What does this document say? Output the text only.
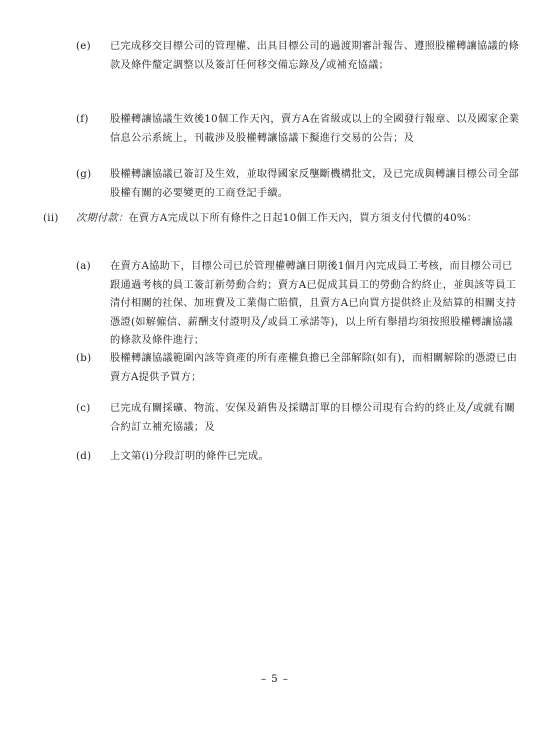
(e) 已完成移交目標公司的管理權、出具目標公司的過渡期審計報告、遵照股權轉讓協議的條款及條件釐定調整以及簽訂任何移交備忘錄及╱或補充協議；
(f) 股權轉讓協議生效後10個工作天內，賣方A在省級或以上的全國發行報章、以及國家企業信息公示系統上，刊載涉及股權轉讓協議下擬進行交易的公告；及
(g) 股權轉讓協議已簽訂及生效，並取得國家反壟斷機構批文，及已完成與轉讓目標公司全部股權有關的必要變更的工商登記手續。
(ii) 次期付款：在賣方A完成以下所有條件之日起10個工作天內，買方須支付代價的40%：
(a) 在賣方A協助下，目標公司已於管理權轉讓日期後1個月內完成員工考核，而目標公司已跟通過考核的員工簽訂新勞動合約；賣方A已促成其員工的勞動合約終止，並與該等員工清付相關的社保、加班費及工業傷亡賠償，且賣方A已向買方提供終止及結算的相關支持憑證(如解僱信、薪酬支付證明及╱或員工承諾等)，以上所有舉措均須按照股權轉讓協議的條款及條件進行；
(b) 股權轉讓協議範圍內該等資產的所有產權負擔已全部解除(如有)，而相關解除的憑證已由賣方A提供予買方；
(c) 已完成有關採礦、物流、安保及銷售及採購訂單的目標公司現有合約的終止及╱或就有關合約訂立補充協議；及
(d) 上文第(i)分段訂明的條件已完成。
– 5 –
